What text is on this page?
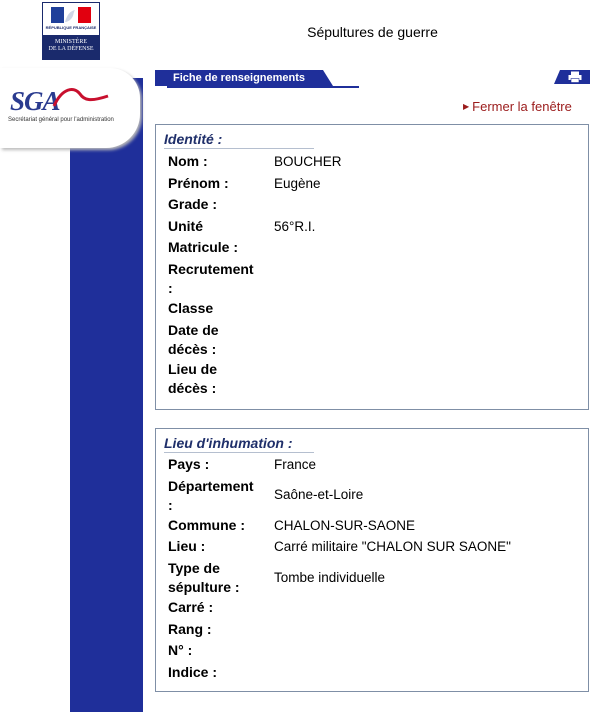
RÉPUBLIQUE FRANÇAISE
MINISTÈRE
DE LA DÉFENSE
Sépultures de guerre
SGA
Secrétariat général pour l'administration
Fiche de renseignements
▶ Fermer la fenêtre
Identité :
Nom :	BOUCHER
Prénom :	Eugène
Grade :
Unité	56°R.I.
Matricule :
Recrutement
:
Classe
Date de
décès :
Lieu de
décès :
Lieu d'inhumation :
Pays :	France
Département
:
Saône-et-Loire
Commune :	CHALON-SUR-SAONE
Lieu :	Carré militaire "CHALON SUR SAONE"
Type de
sépulture :
Tombe individuelle
Carré :
Rang :
N° :
Indice :
